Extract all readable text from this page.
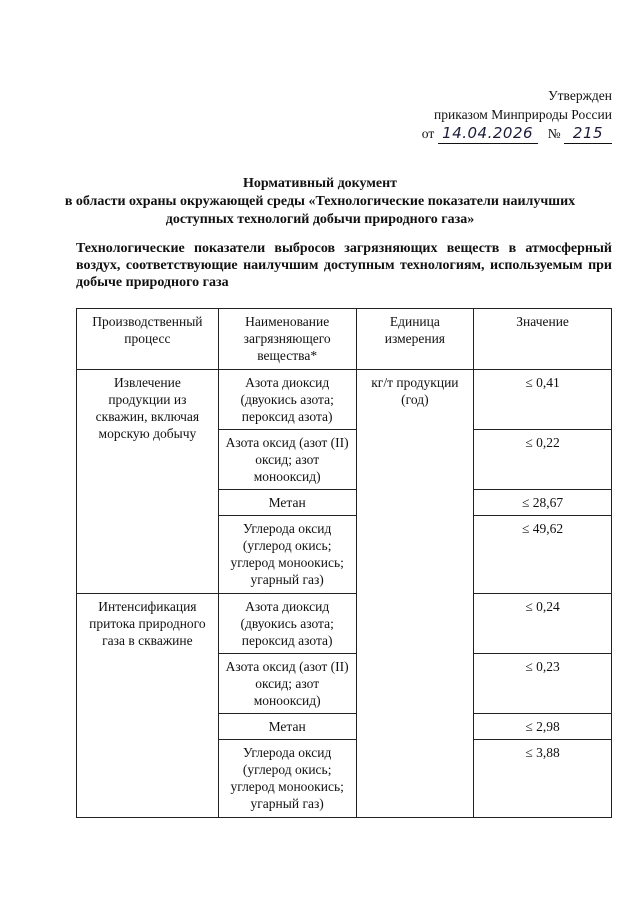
Утвержден
приказом Минприроды России
от 14.04.2026 № 215
Нормативный документ
в области охраны окружающей среды «Технологические показатели наилучших
доступных технологий добычи природного газа»
Технологические показатели выбросов загрязняющих веществ в атмосферный воздух, соответствующие наилучшим доступным технологиям, используемым при добыче природного газа
Производственный процесс	Наименование загрязняющего вещества*	Единица измерения	Значение
Извлечение продукции из скважин, включая морскую добычу	Азота диоксид (двуокись азота; пероксид азота)	кг/т продукции (год)	≤ 0,41
	Азота оксид (азот (II) оксид; азот монооксид)		≤ 0,22
	Метан		≤ 28,67
	Углерода оксид (углерод окись; углерод моноокись; угарный газ)		≤ 49,62
Интенсификация притока природного газа в скважине	Азота диоксид (двуокись азота; пероксид азота)		≤ 0,24
	Азота оксид (азот (II) оксид; азот монооксид)		≤ 0,23
	Метан		≤ 2,98
	Углерода оксид (углерод окись; углерод моноокись; угарный газ)		≤ 3,88
